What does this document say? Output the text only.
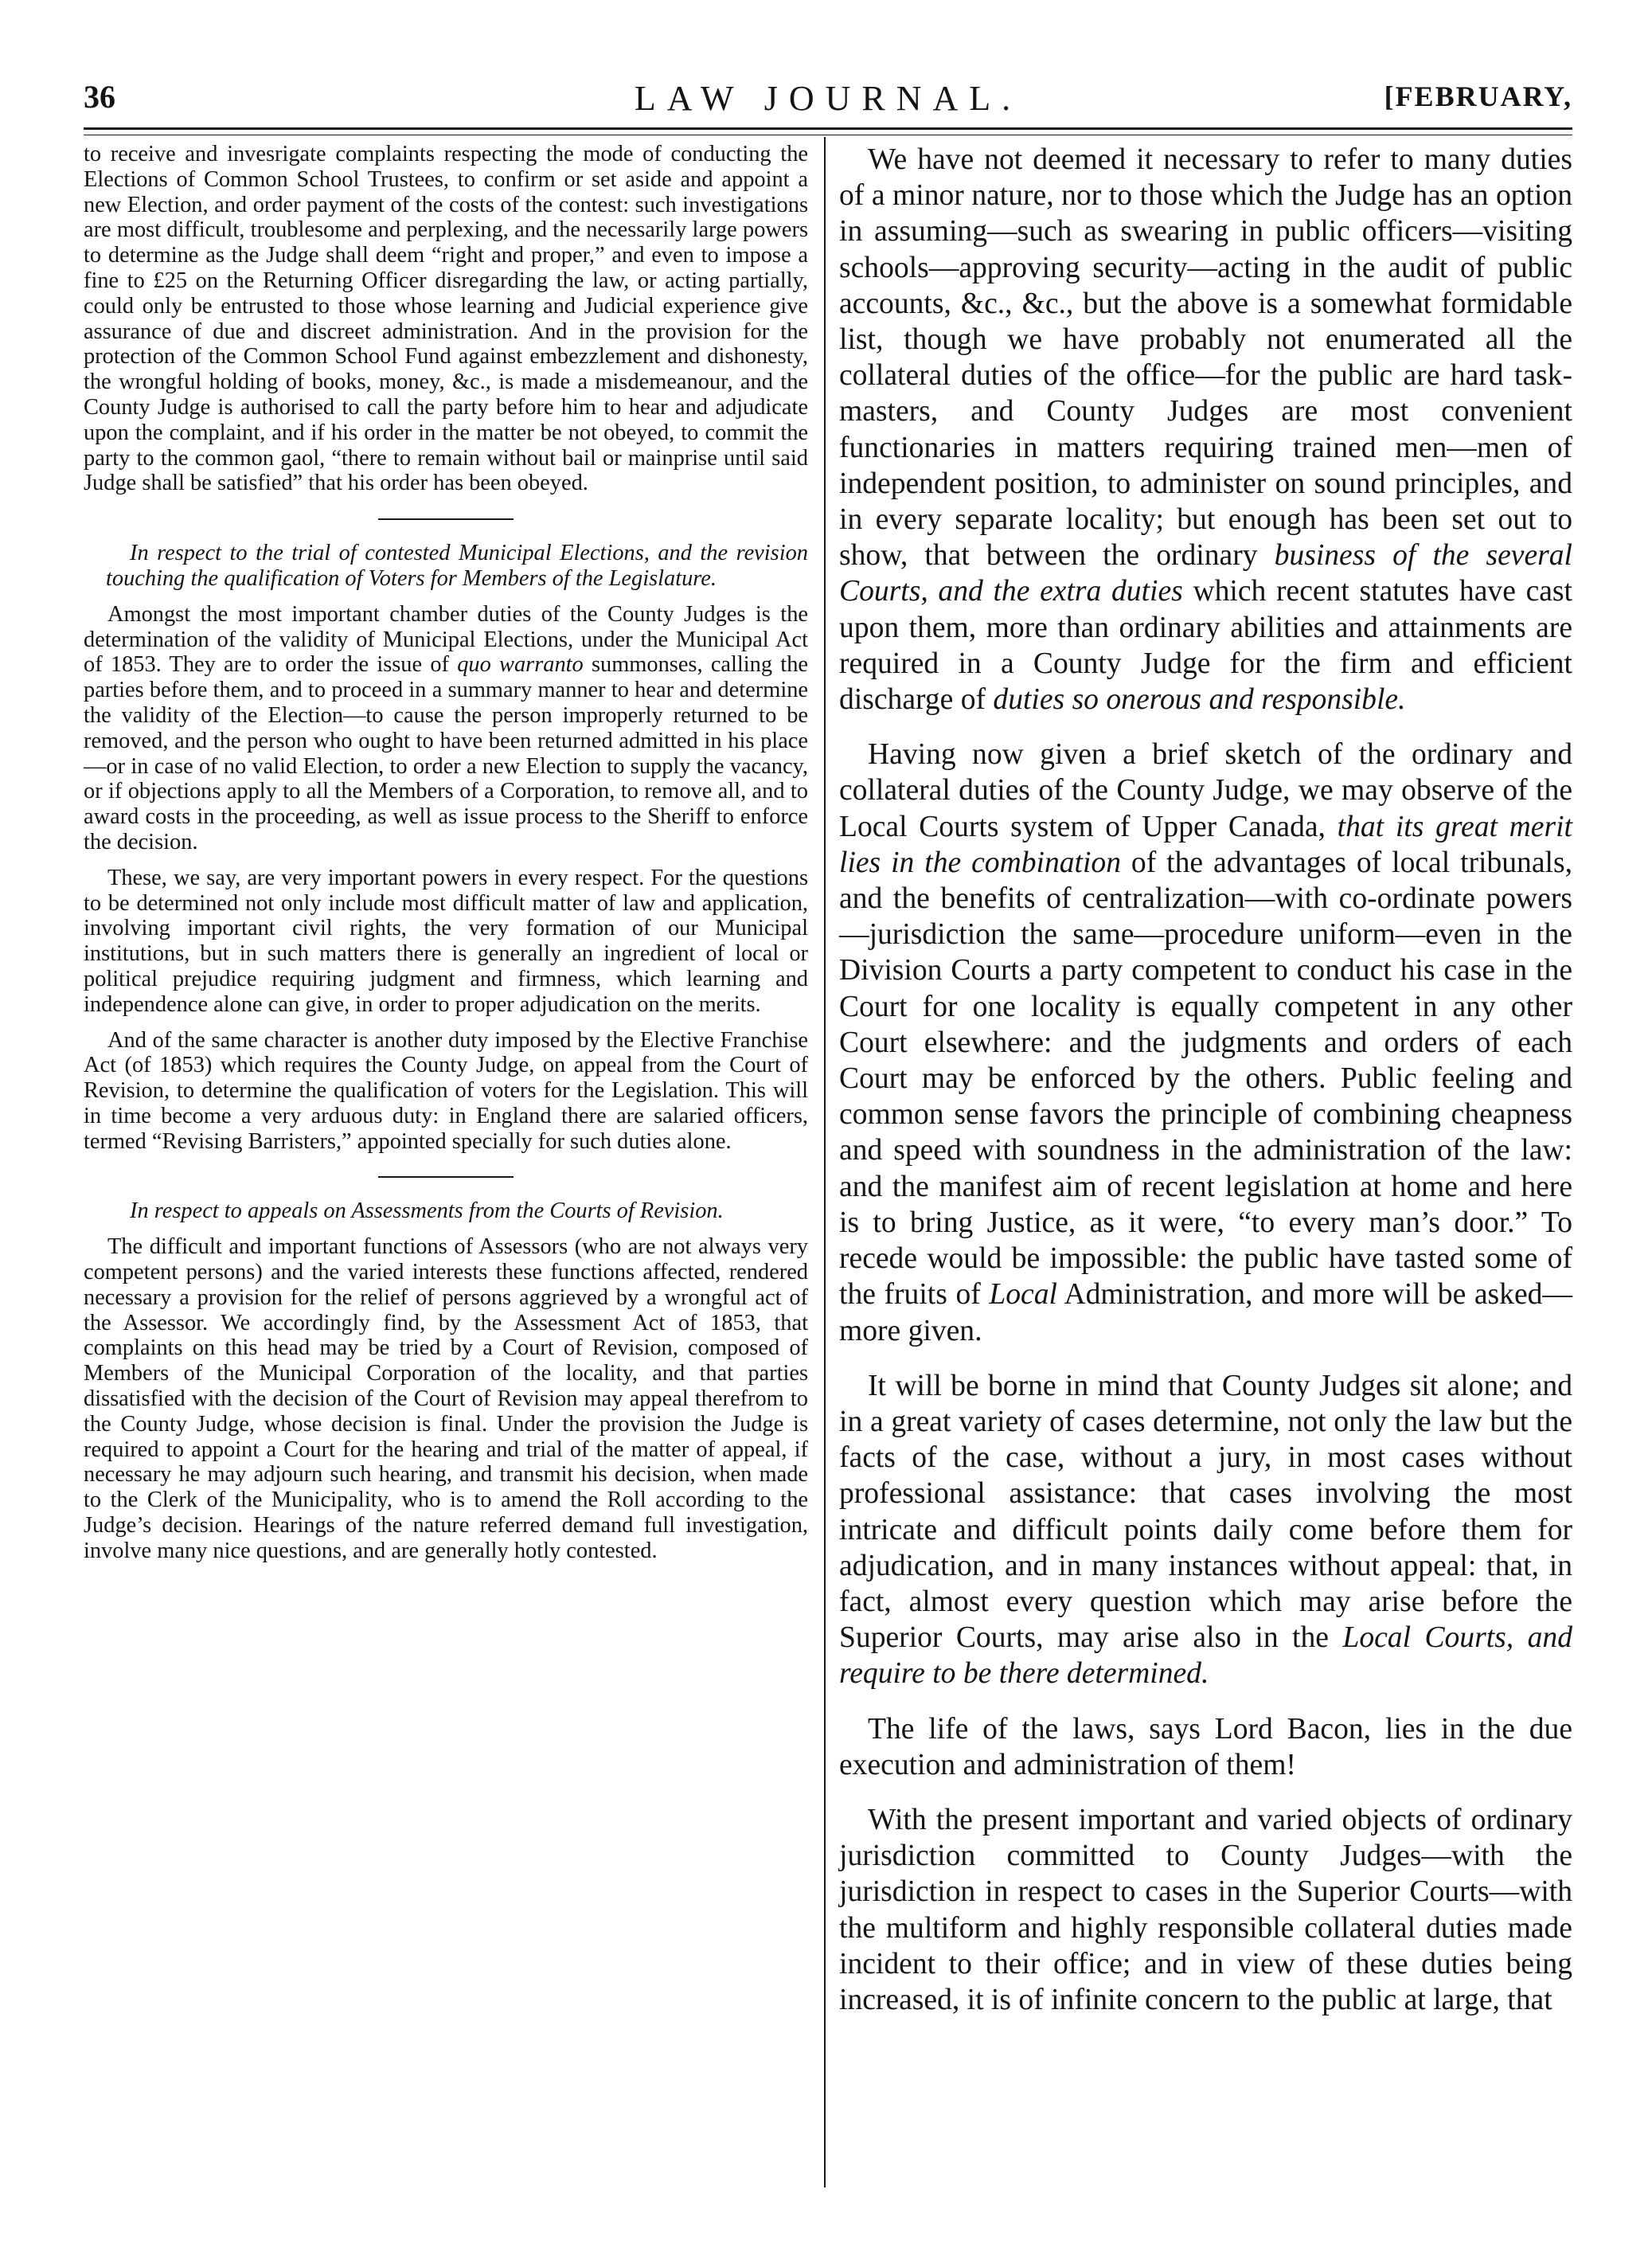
36	LAW JOURNAL.	[FEBRUARY,

to receive and invesrigate complaints respecting the mode of conducting the Elections of Common School Trustees, to confirm or set aside and appoint a new Election, and order payment of the costs of the contest: such investigations are most difficult, troublesome and perplexing, and the necessarily large powers to determine as the Judge shall deem “right and proper,” and even to impose a fine to £25 on the Returning Officer disregarding the law, or acting partially, could only be entrusted to those whose learning and Judicial experience give assurance of due and discreet administration. And in the provision for the protection of the Common School Fund against embezzlement and dishonesty, the wrongful holding of books, money, &c., is made a misdemeanour, and the County Judge is authorised to call the party before him to hear and adjudicate upon the complaint, and if his order in the matter be not obeyed, to commit the party to the common gaol, “there to remain without bail or mainprise until said Judge shall be satisfied” that his order has been obeyed.

In respect to the trial of contested Municipal Elections, and the revision touching the qualification of Voters for Members of the Legislature.

Amongst the most important chamber duties of the County Judges is the determination of the validity of Municipal Elections, under the Municipal Act of 1853. They are to order the issue of quo warranto summonses, calling the parties before them, and to proceed in a summary manner to hear and determine the validity of the Election—to cause the person improperly returned to be removed, and the person who ought to have been returned admitted in his place—or in case of no valid Election, to order a new Election to supply the vacancy, or if objections apply to all the Members of a Corporation, to remove all, and to award costs in the proceeding, as well as issue process to the Sheriff to enforce the decision.

These, we say, are very important powers in every respect. For the questions to be determined not only include most difficult matter of law and application, involving important civil rights, the very formation of our Municipal institutions, but in such matters there is generally an ingredient of local or political prejudice requiring judgment and firmness, which learning and independence alone can give, in order to proper adjudication on the merits.

And of the same character is another duty imposed by the Elective Franchise Act (of 1853) which requires the County Judge, on appeal from the Court of Revision, to determine the qualification of voters for the Legislation. This will in time become a very arduous duty: in England there are salaried officers, termed “Revising Barristers,” appointed specially for such duties alone.

In respect to appeals on Assessments from the Courts of Revision.

The difficult and important functions of Assessors (who are not always very competent persons) and the varied interests these functions affected, rendered necessary a provision for the relief of persons aggrieved by a wrongful act of the Assessor. We accordingly find, by the Assessment Act of 1853, that complaints on this head may be tried by a Court of Revision, composed of Members of the Municipal Corporation of the locality, and that parties dissatisfied with the decision of the Court of Revision may appeal therefrom to the County Judge, whose decision is final. Under the provision the Judge is required to appoint a Court for the hearing and trial of the matter of appeal, if necessary he may adjourn such hearing, and transmit his decision, when made to the Clerk of the Municipality, who is to amend the Roll according to the Judge’s decision. Hearings of the nature referred demand full investigation, involve many nice questions, and are generally hotly contested.

We have not deemed it necessary to refer to many duties of a minor nature, nor to those which the Judge has an option in assuming—such as swearing in public officers—visiting schools—approving security—acting in the audit of public accounts, &c., &c., but the above is a somewhat formidable list, though we have probably not enumerated all the collateral duties of the office—for the public are hard task-masters, and County Judges are most convenient functionaries in matters requiring trained men—men of independent position, to administer on sound principles, and in every separate locality; but enough has been set out to show, that between the ordinary business of the several Courts, and the extra duties which recent statutes have cast upon them, more than ordinary abilities and attainments are required in a County Judge for the firm and efficient discharge of duties so onerous and responsible.

Having now given a brief sketch of the ordinary and collateral duties of the County Judge, we may observe of the Local Courts system of Upper Canada, that its great merit lies in the combination of the advantages of local tribunals, and the benefits of centralization—with co-ordinate powers—jurisdiction the same—procedure uniform—even in the Division Courts a party competent to conduct his case in the Court for one locality is equally competent in any other Court elsewhere: and the judgments and orders of each Court may be enforced by the others. Public feeling and common sense favors the principle of combining cheapness and speed with soundness in the administration of the law: and the manifest aim of recent legislation at home and here is to bring Justice, as it were, “to every man’s door.” To recede would be impossible: the public have tasted some of the fruits of Local Administration, and more will be asked—more given.

It will be borne in mind that County Judges sit alone; and in a great variety of cases determine, not only the law but the facts of the case, without a jury, in most cases without professional assistance: that cases involving the most intricate and difficult points daily come before them for adjudication, and in many instances without appeal: that, in fact, almost every question which may arise before the Superior Courts, may arise also in the Local Courts, and require to be there determined.

The life of the laws, says Lord Bacon, lies in the due execution and administration of them!

With the present important and varied objects of ordinary jurisdiction committed to County Judges—with the jurisdiction in respect to cases in the Superior Courts—with the multiform and highly responsible collateral duties made incident to their office; and in view of these duties being increased, it is of infinite concern to the public at large, that
